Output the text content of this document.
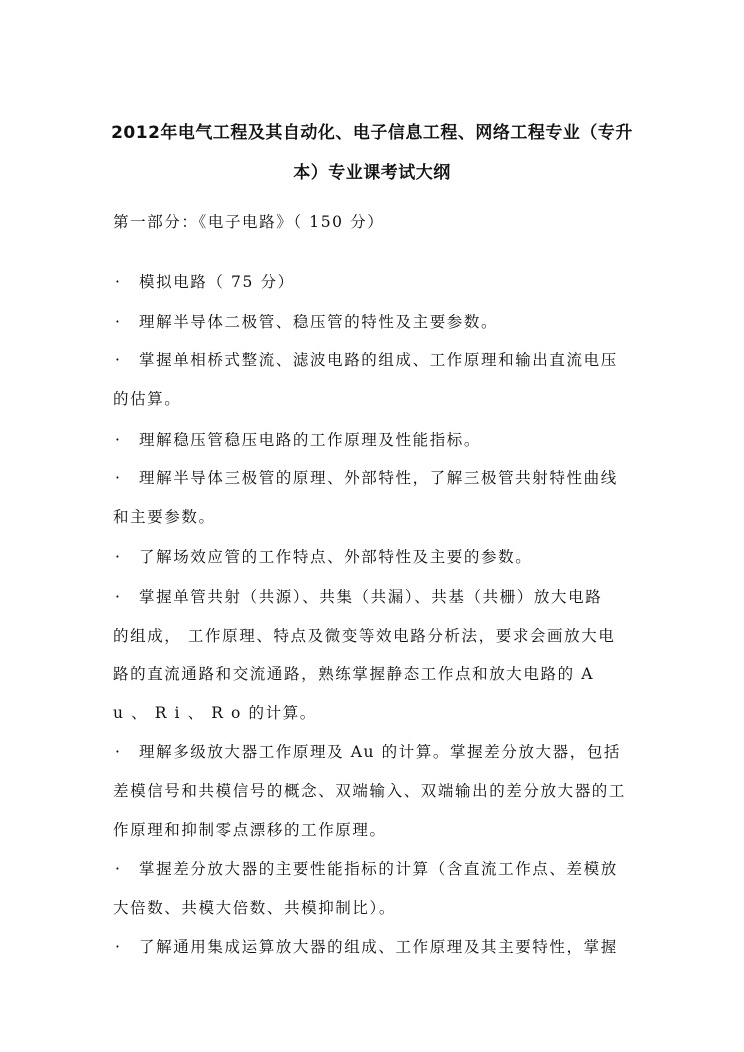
2012年电气工程及其自动化、电子信息工程、网络工程专业（专升
本）专业课考试大纲
第一部分：《电子电路》（ 150 分）
· 模拟电路（ 75 分）
· 理解半导体二极管、稳压管的特性及主要参数。
· 掌握单相桥式整流、滤波电路的组成、工作原理和输出直流电压
的估算。
· 理解稳压管稳压电路的工作原理及性能指标。
· 理解半导体三极管的原理、外部特性，了解三极管共射特性曲线
和主要参数。
· 了解场效应管的工作特点、外部特性及主要的参数。
· 掌握单管共射（共源）、共集（共漏）、共基（共栅）放大电路
的组成， 工作原理、特点及微变等效电路分析法，要求会画放大电
路的直流通路和交流通路，熟练掌握静态工作点和放大电路的 A
u 、 R i 、 R o 的计算。
· 理解多级放大器工作原理及 Au 的计算。掌握差分放大器，包括
差模信号和共模信号的概念、双端输入、双端输出的差分放大器的工
作原理和抑制零点漂移的工作原理。
· 掌握差分放大器的主要性能指标的计算（含直流工作点、差模放
大倍数、共模大倍数、共模抑制比）。
· 了解通用集成运算放大器的组成、工作原理及其主要特性，掌握
